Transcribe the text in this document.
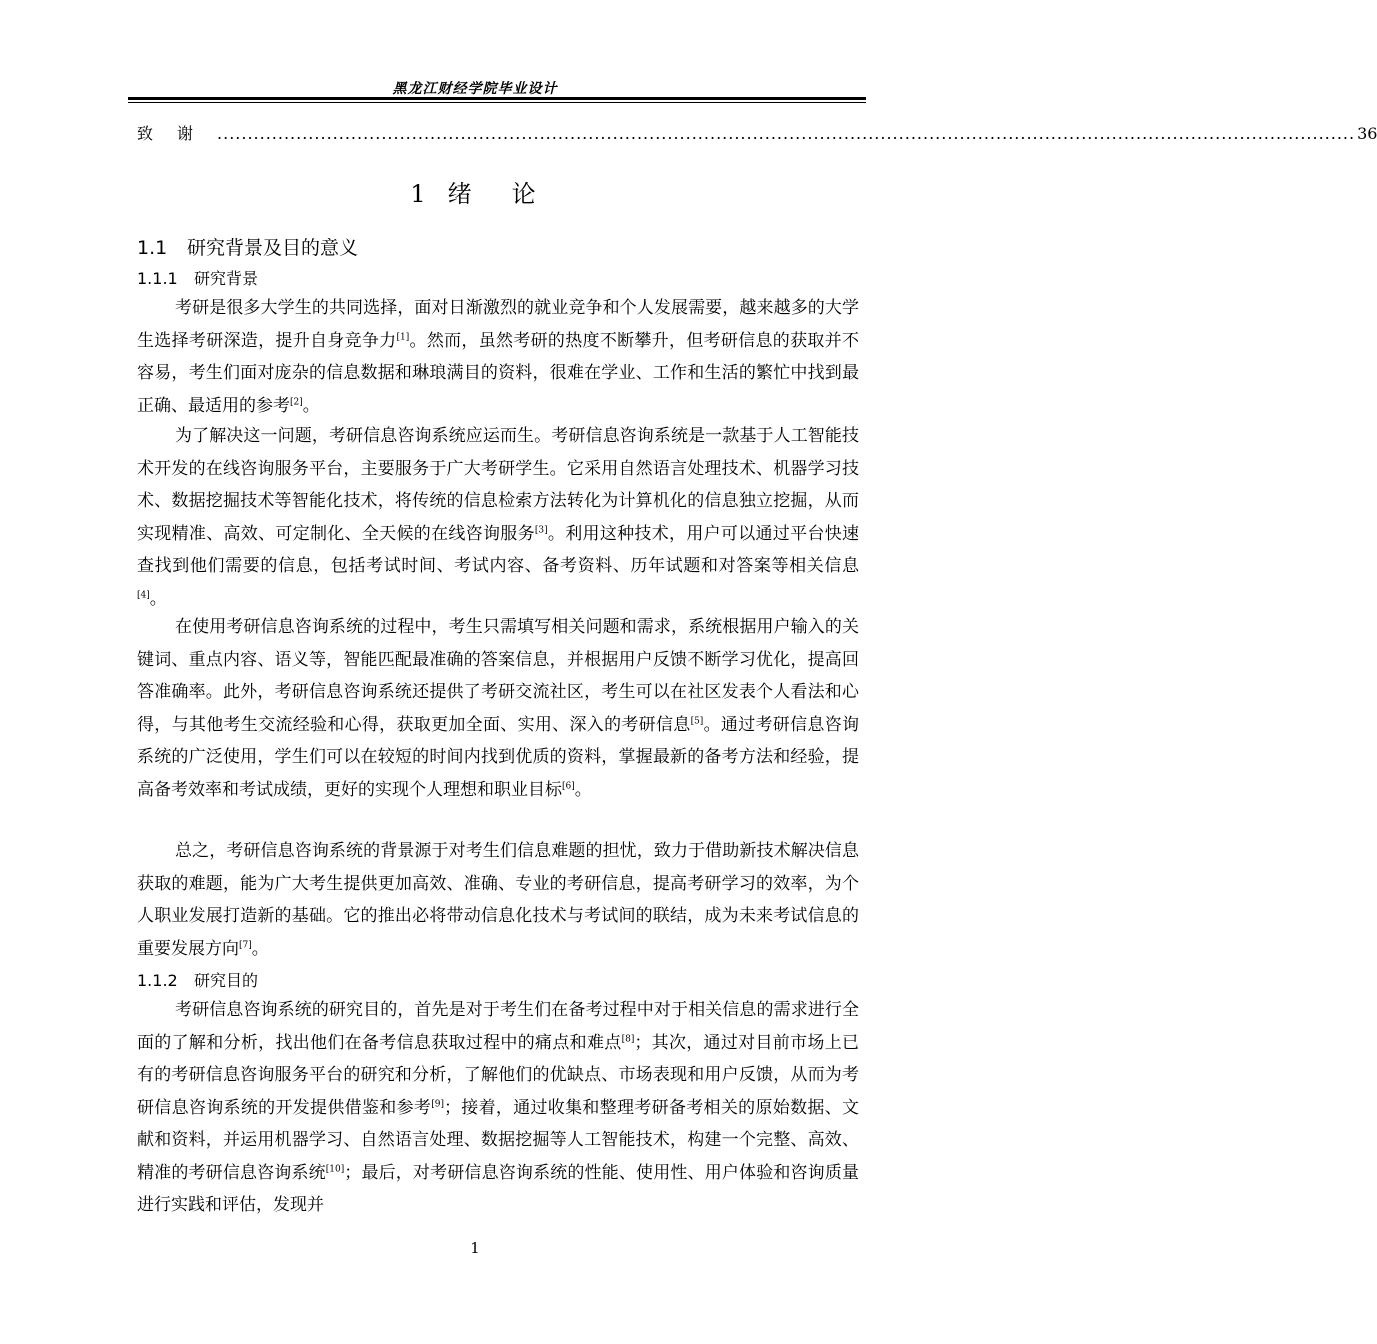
黑龙江财经学院毕业设计
致谢 ........................................................................................................................................................................................... 36
1 绪 论
1.1 研究背景及目的意义
1.1.1 研究背景

考研是很多大学生的共同选择，面对日渐激烈的就业竞争和个人发展需要，越来越多的大学生选择考研深造，提升自身竞争力[1]。然而，虽然考研的热度不断攀升，但考研信息的获取并不容易，考生们面对庞杂的信息数据和琳琅满目的资料，很难在学业、工作和生活的繁忙中找到最正确、最适用的参考[2]。

为了解决这一问题，考研信息咨询系统应运而生。考研信息咨询系统是一款基于人工智能技术开发的在线咨询服务平台，主要服务于广大考研学生。它采用自然语言处理技术、机器学习技术、数据挖掘技术等智能化技术，将传统的信息检索方法转化为计算机化的信息独立挖掘，从而实现精准、高效、可定制化、全天候的在线咨询服务[3]。利用这种技术，用户可以通过平台快速查找到他们需要的信息，包括考试时间、考试内容、备考资料、历年试题和对答案等相关信息[4]。

在使用考研信息咨询系统的过程中，考生只需填写相关问题和需求，系统根据用户输入的关键词、重点内容、语义等，智能匹配最准确的答案信息，并根据用户反馈不断学习优化，提高回答准确率。此外，考研信息咨询系统还提供了考研交流社区，考生可以在社区发表个人看法和心得，与其他考生交流经验和心得，获取更加全面、实用、深入的考研信息[5]。通过考研信息咨询系统的广泛使用，学生们可以在较短的时间内找到优质的资料，掌握最新的备考方法和经验，提高备考效率和考试成绩，更好的实现个人理想和职业目标[6]。

总之，考研信息咨询系统的背景源于对考生们信息难题的担忧，致力于借助新技术解决信息获取的难题，能为广大考生提供更加高效、准确、专业的考研信息，提高考研学习的效率，为个人职业发展打造新的基础。它的推出必将带动信息化技术与考试间的联结，成为未来考试信息的重要发展方向[7]。

1.1.2 研究目的

考研信息咨询系统的研究目的，首先是对于考生们在备考过程中对于相关信息的需求进行全面的了解和分析，找出他们在备考信息获取过程中的痛点和难点[8]；其次，通过对目前市场上已有的考研信息咨询服务平台的研究和分析，了解他们的优缺点、市场表现和用户反馈，从而为考研信息咨询系统的开发提供借鉴和参考[9]；接着，通过收集和整理考研备考相关的原始数据、文献和资料，并运用机器学习、自然语言处理、数据挖掘等人工智能技术，构建一个完整、高效、精准的考研信息咨询系统[10]；最后，对考研信息咨询系统的性能、使用性、用户体验和咨询质量进行实践和评估，发现并

1
